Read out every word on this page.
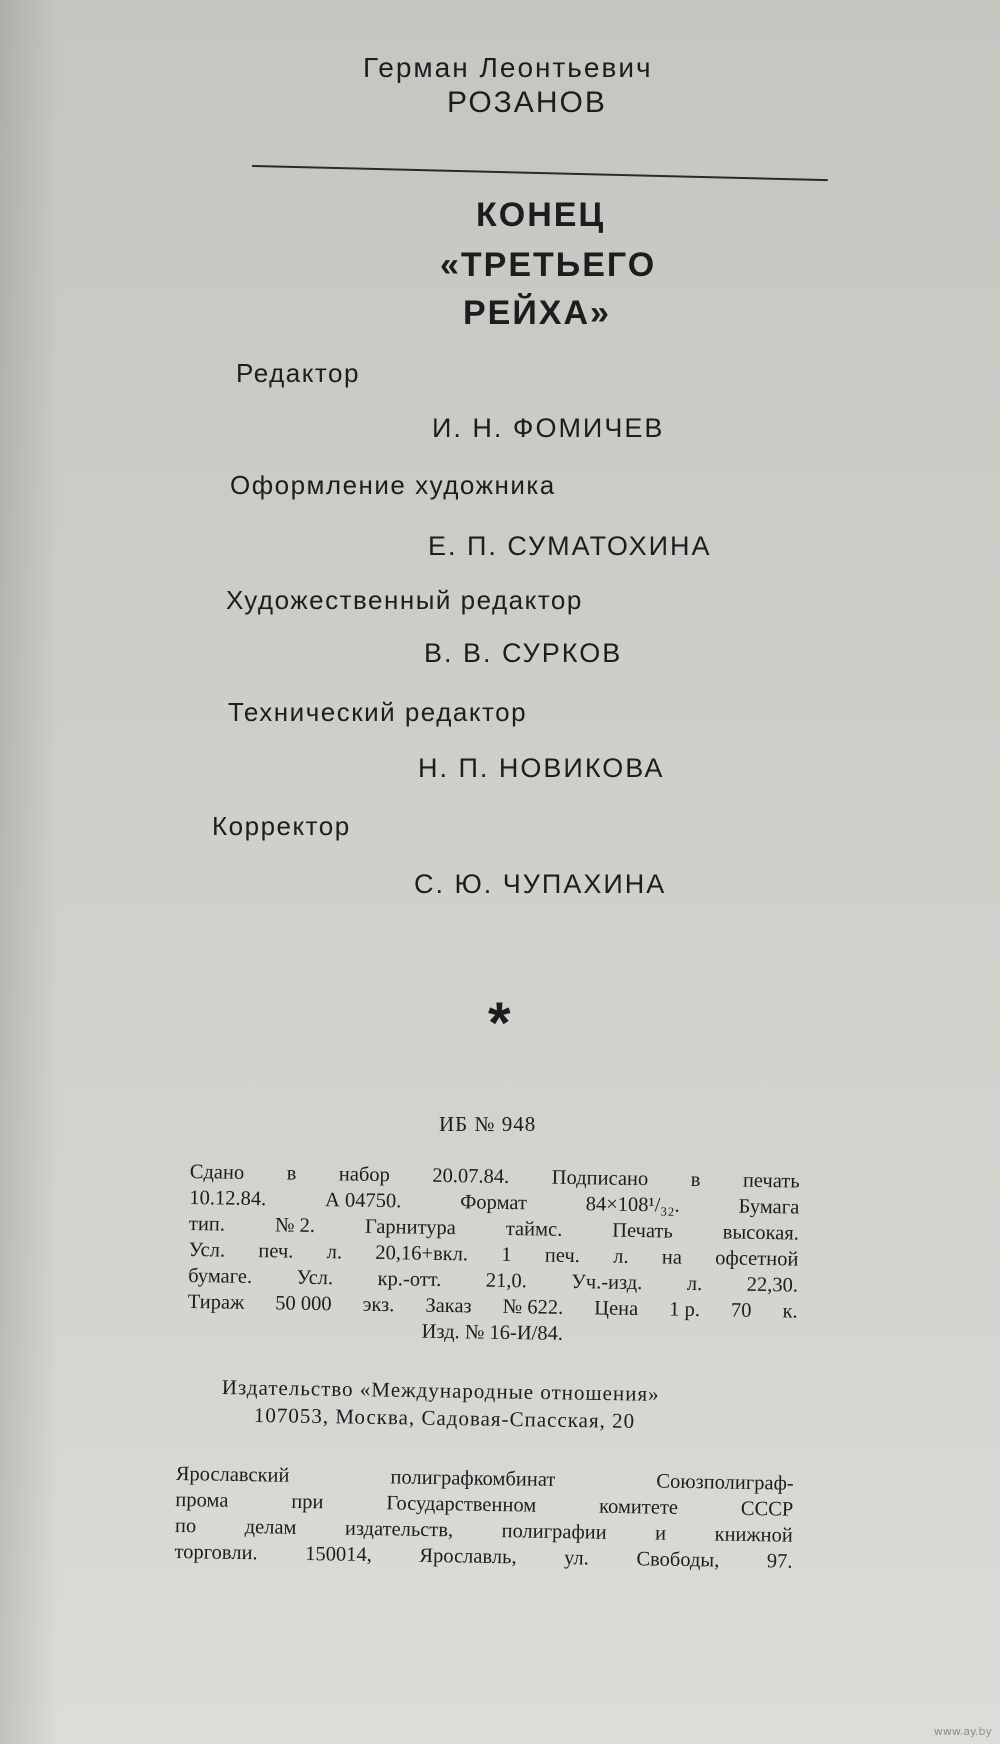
Герман Леонтьевич
РОЗАНОВ
КОНЕЦ
«ТРЕТЬЕГО
РЕЙХА»
Редактор
И. Н. ФОМИЧЕВ
Оформление художника
Е. П. СУМАТОХИНА
Художественный редактор
В. В. СУРКОВ
Технический редактор
Н. П. НОВИКОВА
Корректор
С. Ю. ЧУПАХИНА
*
ИБ № 948
Сдано в набор 20.07.84. Подписано в печать
10.12.84.	А 04750.	Формат	84×108¹/₃₂.	Бумага
тип. № 2. Гарнитура таймс. Печать высокая.
Усл. печ. л. 20,16+вкл. 1 печ. л. на офсетной
бумаге. Усл. кр.-отт. 21,0. Уч.-изд. л. 22,30.
Тираж 50 000 экз. Заказ № 622. Цена 1 р. 70 к.
Изд. № 16-И/84.
Издательство «Международные отношения»
107053, Москва, Садовая-Спасская, 20
Ярославский	полиграфкомбинат	Союзполиграф-
прома	при	Государственном	комитете	СССР
по делам издательств, полиграфии и книжной
торговли. 150014, Ярославль, ул. Свободы, 97.
www.ay.by
